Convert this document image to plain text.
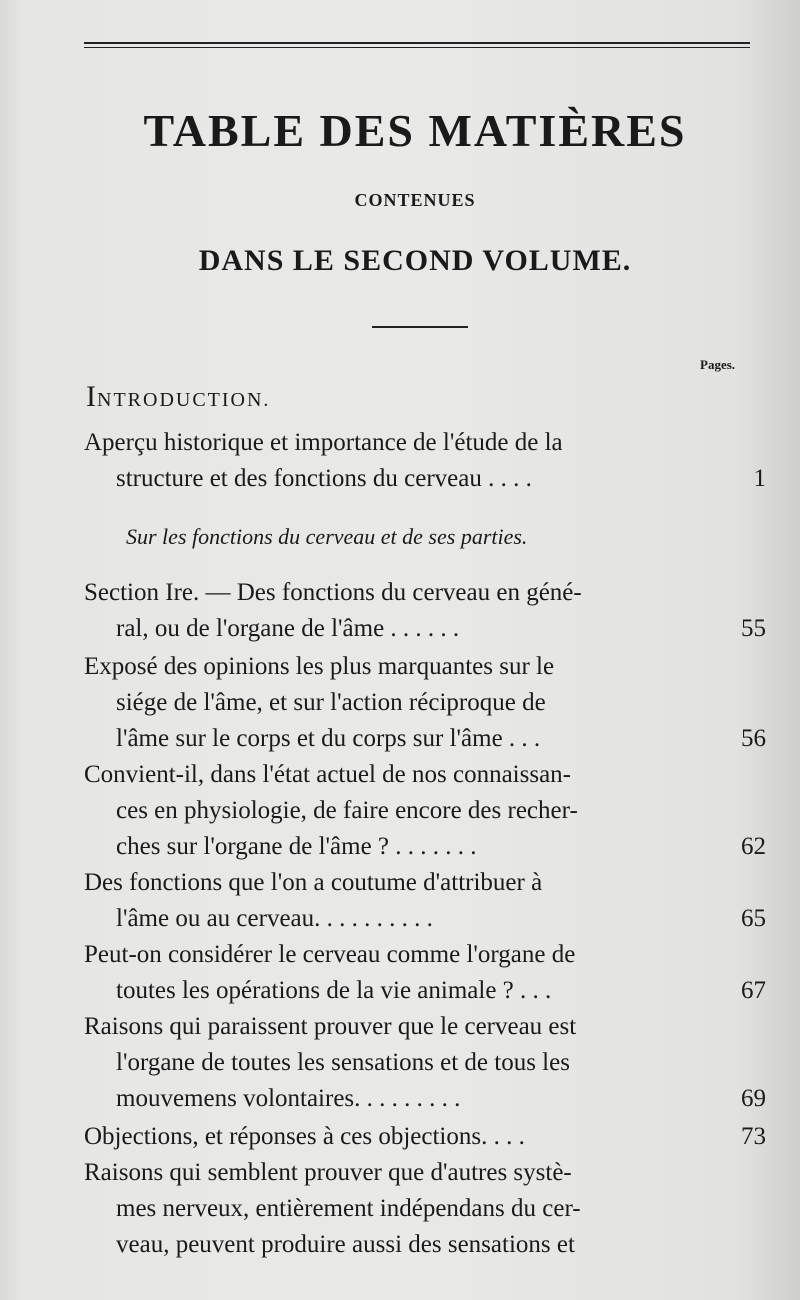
TABLE DES MATIÈRES
CONTENUES
DANS LE SECOND VOLUME.
Pages.
INTRODUCTION.
Sur les fonctions du cerveau et de ses parties.
Aperçu historique et importance de l'étude de la
structure et des fonctions du cerveau . . . .	1
Section Ire. — Des fonctions du cerveau en géné-
ral, ou de l'organe de l'âme . . . . . .	55
Exposé des opinions les plus marquantes sur le
siége de l'âme, et sur l'action réciproque de
l'âme sur le corps et du corps sur l'âme . . .	56
Convient-il, dans l'état actuel de nos connaissan-
ces en physiologie, de faire encore des recher-
ches sur l'organe de l'âme ? . . . . . . .	62
Des fonctions que l'on a coutume d'attribuer à
l'âme ou au cerveau. . . . . . . . . .	65
Peut-on considérer le cerveau comme l'organe de
toutes les opérations de la vie animale ? . . .	67
Raisons qui paraissent prouver que le cerveau est
l'organe de toutes les sensations et de tous les
mouvemens volontaires. . . . . . . . .	69
Objections, et réponses à ces objections. . . .	73
Raisons qui semblent prouver que d'autres systè-
mes nerveux, entièrement indépendans du cer-
veau, peuvent produire aussi des sensations et
